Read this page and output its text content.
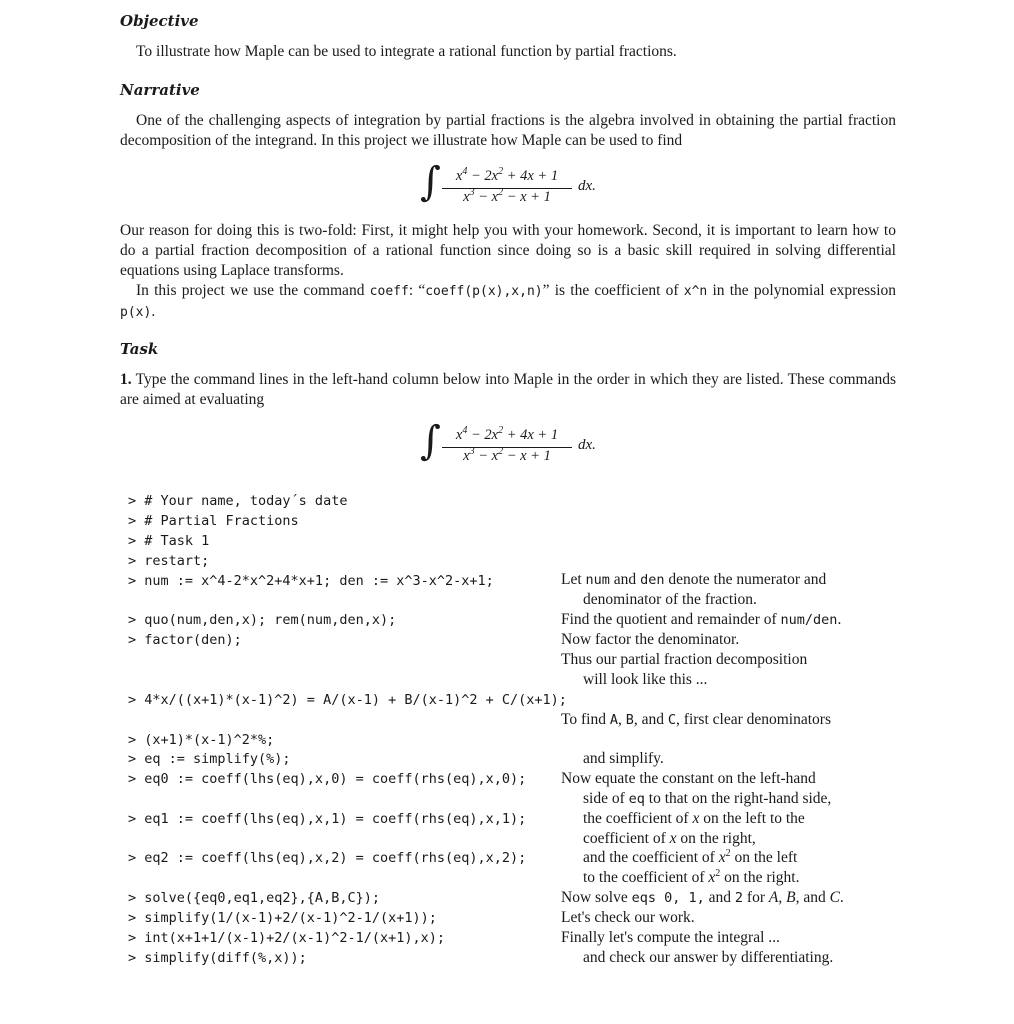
Objective
To illustrate how Maple can be used to integrate a rational function by partial fractions.
Narrative
One of the challenging aspects of integration by partial fractions is the algebra involved in obtaining the partial fraction decomposition of the integrand. In this project we illustrate how Maple can be used to find
∫	$x^4 - 2x^2 + 4x + 1$
$x^3 - x^2 - x + 1$
dx.
Our reason for doing this is two-fold: First, it might help you with your homework. Second, it is important to learn how to do a partial fraction decomposition of a rational function since doing so is a basic skill required in solving differential equations using Laplace transforms.
In this project we use the command coeff: “coeff(p(x),x,n)” is the coefficient of x^n in the polynomial expression p(x).
Task
1. Type the command lines in the left-hand column below into Maple in the order in which they are listed. These commands are aimed at evaluating
∫	$x^4 - 2x^2 + 4x + 1$
$x^3 - x^2 - x + 1$
dx.
> # Your name, today´s date
> # Partial Fractions
> # Task 1
> restart;
> num := x^4-2*x^2+4*x+1; den := x^3-x^2-x+1;
> quo(num,den,x); rem(num,den,x);
> factor(den);
> 4*x/((x+1)*(x-1)^2) = A/(x-1) + B/(x-1)^2 + C/(x+1);
> (x+1)*(x-1)^2*%;
> eq := simplify(%);
> eq0 := coeff(lhs(eq),x,0) = coeff(rhs(eq),x,0);
> eq1 := coeff(lhs(eq),x,1) = coeff(rhs(eq),x,1);
> eq2 := coeff(lhs(eq),x,2) = coeff(rhs(eq),x,2);
> solve({eq0,eq1,eq2},{A,B,C});
> simplify(1/(x-1)+2/(x-1)^2-1/(x+1));
> int(x+1+1/(x-1)+2/(x-1)^2-1/(x+1),x);
> simplify(diff(%,x));
Let num and den denote the numerator and
denominator of the fraction.
Find the quotient and remainder of num/den.
Now factor the denominator.
Thus our partial fraction decomposition
will look like this ...
To find A, B, and C, first clear denominators
and simplify.
Now equate the constant on the left-hand
side of eq to that on the right-hand side,
the coefficient of x on the left to the
coefficient of x on the right,
and the coefficient of $x^2$ on the left
to the coefficient of $x^2$ on the right.
Now solve eqs 0, 1, and 2 for A, B, and C.
Let's check our work.
Finally let's compute the integral ...
and check our answer by differentiating.
